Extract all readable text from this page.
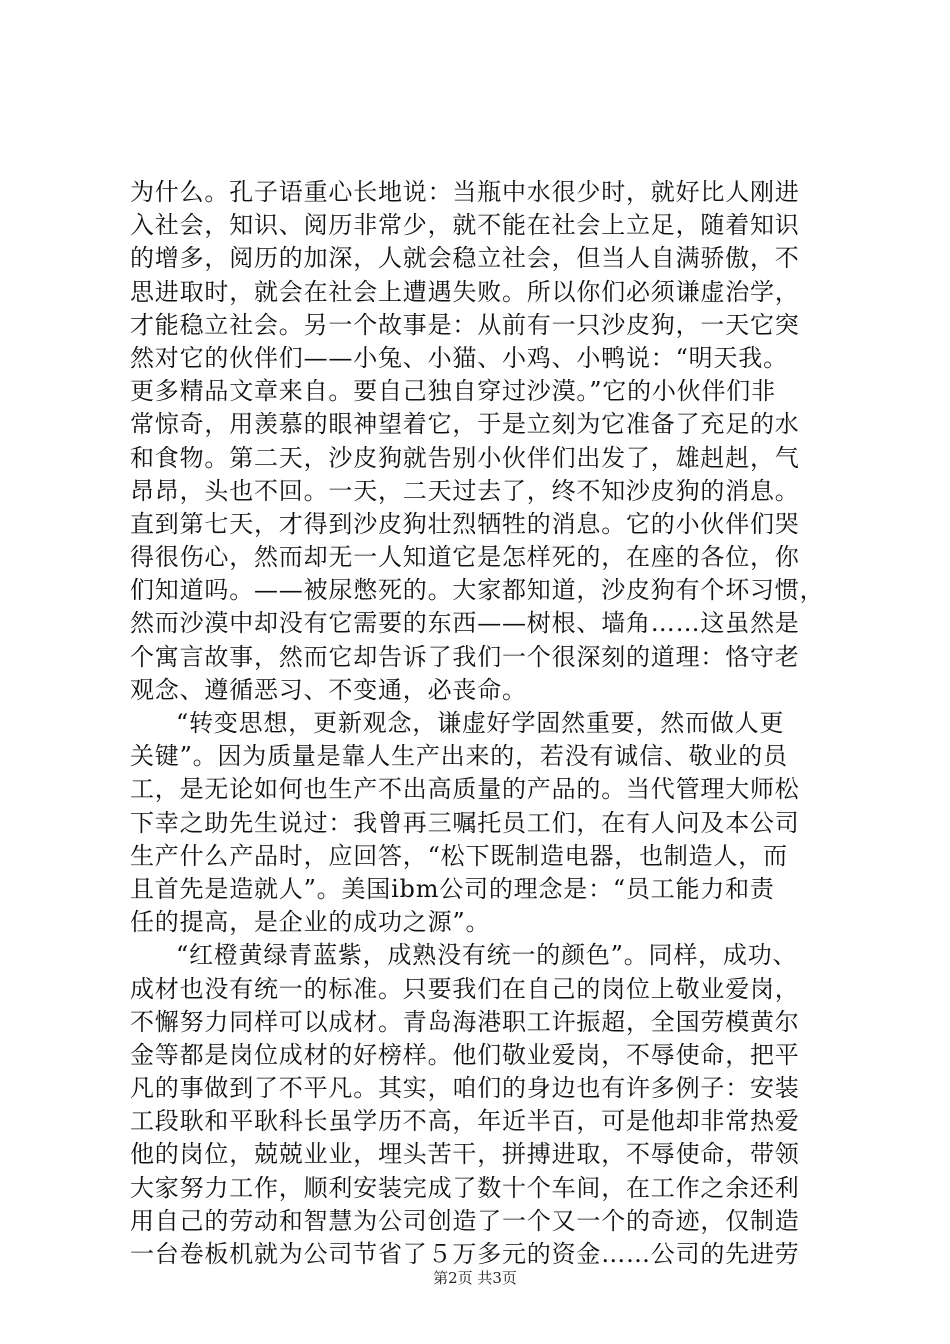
为什么。孔子语重心长地说：当瓶中水很少时，就好比人刚进
入社会，知识、阅历非常少，就不能在社会上立足，随着知识
的增多，阅历的加深，人就会稳立社会，但当人自满骄傲，不
思进取时，就会在社会上遭遇失败。所以你们必须谦虚治学，
才能稳立社会。另一个故事是：从前有一只沙皮狗，一天它突
然对它的伙伴们——小兔、小猫、小鸡、小鸭说：“明天我。
更多精品文章来自。要自己独自穿过沙漠。”它的小伙伴们非
常惊奇，用羡慕的眼神望着它，于是立刻为它准备了充足的水
和食物。第二天，沙皮狗就告别小伙伴们出发了，雄赳赳，气
昂昂，头也不回。一天，二天过去了，终不知沙皮狗的消息。
直到第七天，才得到沙皮狗壮烈牺牲的消息。它的小伙伴们哭
得很伤心，然而却无一人知道它是怎样死的，在座的各位，你
们知道吗。——被尿憋死的。大家都知道，沙皮狗有个坏习惯，
然而沙漠中却没有它需要的东西——树根、墙角……这虽然是
个寓言故事，然而它却告诉了我们一个很深刻的道理：恪守老
观念、遵循恶习、不变通，必丧命。
“转变思想，更新观念，谦虚好学固然重要，然而做人更
关键”。因为质量是靠人生产出来的，若没有诚信、敬业的员
工，是无论如何也生产不出高质量的产品的。当代管理大师松
下幸之助先生说过：我曾再三嘱托员工们，在有人问及本公司
生产什么产品时，应回答，“松下既制造电器，也制造人，而
且首先是造就人”。美国ibm公司的理念是：“员工能力和责
任的提高，是企业的成功之源”。
“红橙黄绿青蓝紫，成熟没有统一的颜色”。同样，成功、
成材也没有统一的标准。只要我们在自己的岗位上敬业爱岗，
不懈努力同样可以成材。青岛海港职工许振超，全国劳模黄尔
金等都是岗位成材的好榜样。他们敬业爱岗，不辱使命，把平
凡的事做到了不平凡。其实，咱们的身边也有许多例子：安装
工段耿和平耿科长虽学历不高，年近半百，可是他却非常热爱
他的岗位，兢兢业业，埋头苦干，拼搏进取，不辱使命，带领
大家努力工作，顺利安装完成了数十个车间，在工作之余还利
用自己的劳动和智慧为公司创造了一个又一个的奇迹，仅制造
一台卷板机就为公司节省了５万多元的资金……公司的先进劳
第2页 共3页
